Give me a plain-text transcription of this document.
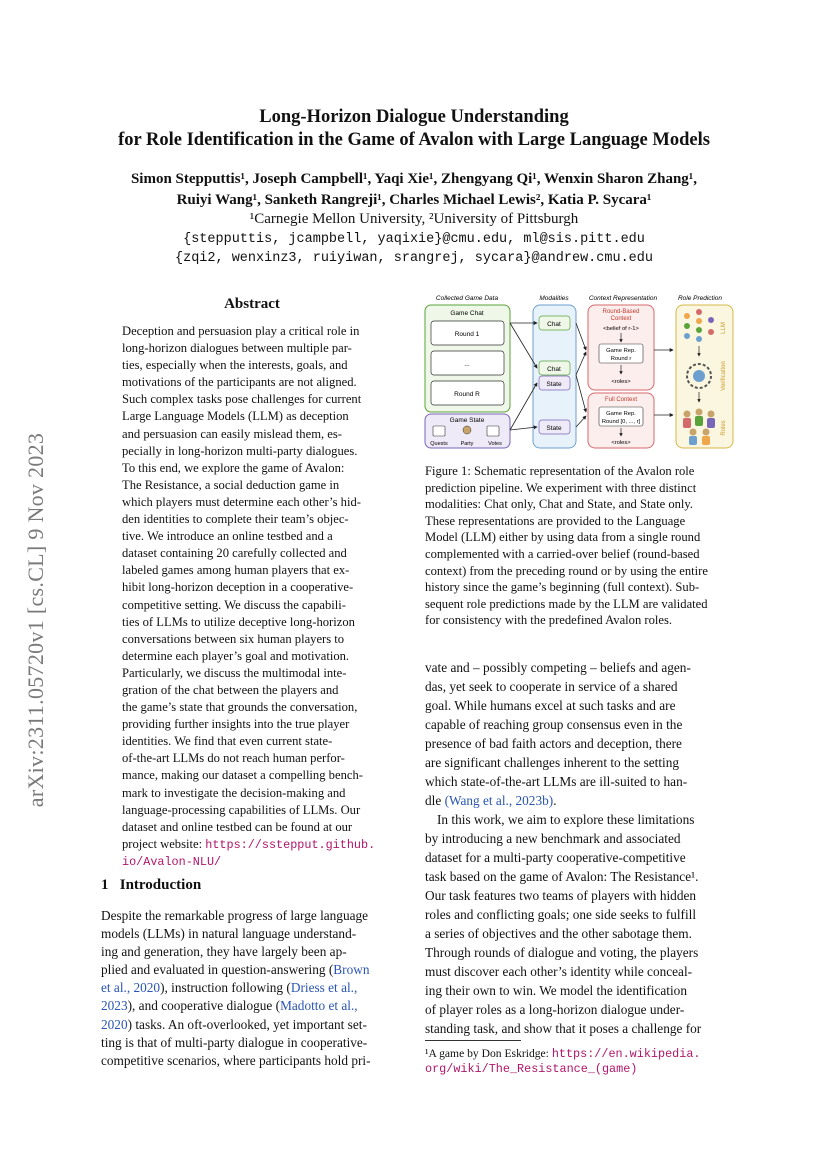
arXiv:2311.05720v1 [cs.CL] 9 Nov 2023
Long-Horizon Dialogue Understanding
for Role Identification in the Game of Avalon with Large Language Models
Simon Stepputtis¹, Joseph Campbell¹, Yaqi Xie¹, Zhengyang Qi¹, Wenxin Sharon Zhang¹,
Ruiyi Wang¹, Sanketh Rangreji¹, Charles Michael Lewis², Katia P. Sycara¹
¹Carnegie Mellon University, ²University of Pittsburgh
{stepputtis, jcampbell, yaqixie}@cmu.edu, ml@sis.pitt.edu
{zqi2, wenxinz3, ruiyiwan, srangrej, sycara}@andrew.cmu.edu
Abstract
Deception and persuasion play a critical role in
long-horizon dialogues between multiple par-
ties, especially when the interests, goals, and
motivations of the participants are not aligned.
Such complex tasks pose challenges for current
Large Language Models (LLM) as deception
and persuasion can easily mislead them, es-
pecially in long-horizon multi-party dialogues.
To this end, we explore the game of Avalon:
The Resistance, a social deduction game in
which players must determine each other’s hid-
den identities to complete their team’s objec-
tive. We introduce an online testbed and a
dataset containing 20 carefully collected and
labeled games among human players that ex-
hibit long-horizon deception in a cooperative-
competitive setting. We discuss the capabili-
ties of LLMs to utilize deceptive long-horizon
conversations between six human players to
determine each player’s goal and motivation.
Particularly, we discuss the multimodal inte-
gration of the chat between the players and
the game’s state that grounds the conversation,
providing further insights into the true player
identities. We find that even current state-
of-the-art LLMs do not reach human perfor-
mance, making our dataset a compelling bench-
mark to investigate the decision-making and
language-processing capabilities of LLMs. Our
dataset and online testbed can be found at our
project website: https://sstepput.github.
io/Avalon-NLU/
1 Introduction
Despite the remarkable progress of large language
models (LLMs) in natural language understand-
ing and generation, they have largely been ap-
plied and evaluated in question-answering (Brown
et al., 2020), instruction following (Driess et al.,
2023), and cooperative dialogue (Madotto et al.,
2020) tasks. An oft-overlooked, yet important set-
ting is that of multi-party dialogue in cooperative-
competitive scenarios, where participants hold pri-
Collected Game Data	Modalities	Context Representation	Role Prediction
Game Chat
Round 1
...
Round R
Game State
Quests Party	Votes
Chat
Chat
State
State
Round-Based
Context
<belief of r-1>
Game Rep.
Round r
<roles>
Full Context
Game Rep.
Round [0, ..., r]
<roles>
LLM
Verification
Roles
Figure 1: Schematic representation of the Avalon role
prediction pipeline. We experiment with three distinct
modalities: Chat only, Chat and State, and State only.
These representations are provided to the Language
Model (LLM) either by using data from a single round
complemented with a carried-over belief (round-based
context) from the preceding round or by using the entire
history since the game’s beginning (full context). Sub-
sequent role predictions made by the LLM are validated
for consistency with the predefined Avalon roles.
vate and – possibly competing – beliefs and agen-
das, yet seek to cooperate in service of a shared
goal. While humans excel at such tasks and are
capable of reaching group consensus even in the
presence of bad faith actors and deception, there
are significant challenges inherent to the setting
which state-of-the-art LLMs are ill-suited to han-
dle (Wang et al., 2023b).
In this work, we aim to explore these limitations
by introducing a new benchmark and associated
dataset for a multi-party cooperative-competitive
task based on the game of Avalon: The Resistance¹.
Our task features two teams of players with hidden
roles and conflicting goals; one side seeks to fulfill
a series of objectives and the other sabotage them.
Through rounds of dialogue and voting, the players
must discover each other’s identity while conceal-
ing their own to win. We model the identification
of player roles as a long-horizon dialogue under-
standing task, and show that it poses a challenge for
¹A game by Don Eskridge: https://en.wikipedia.
org/wiki/The_Resistance_(game)
